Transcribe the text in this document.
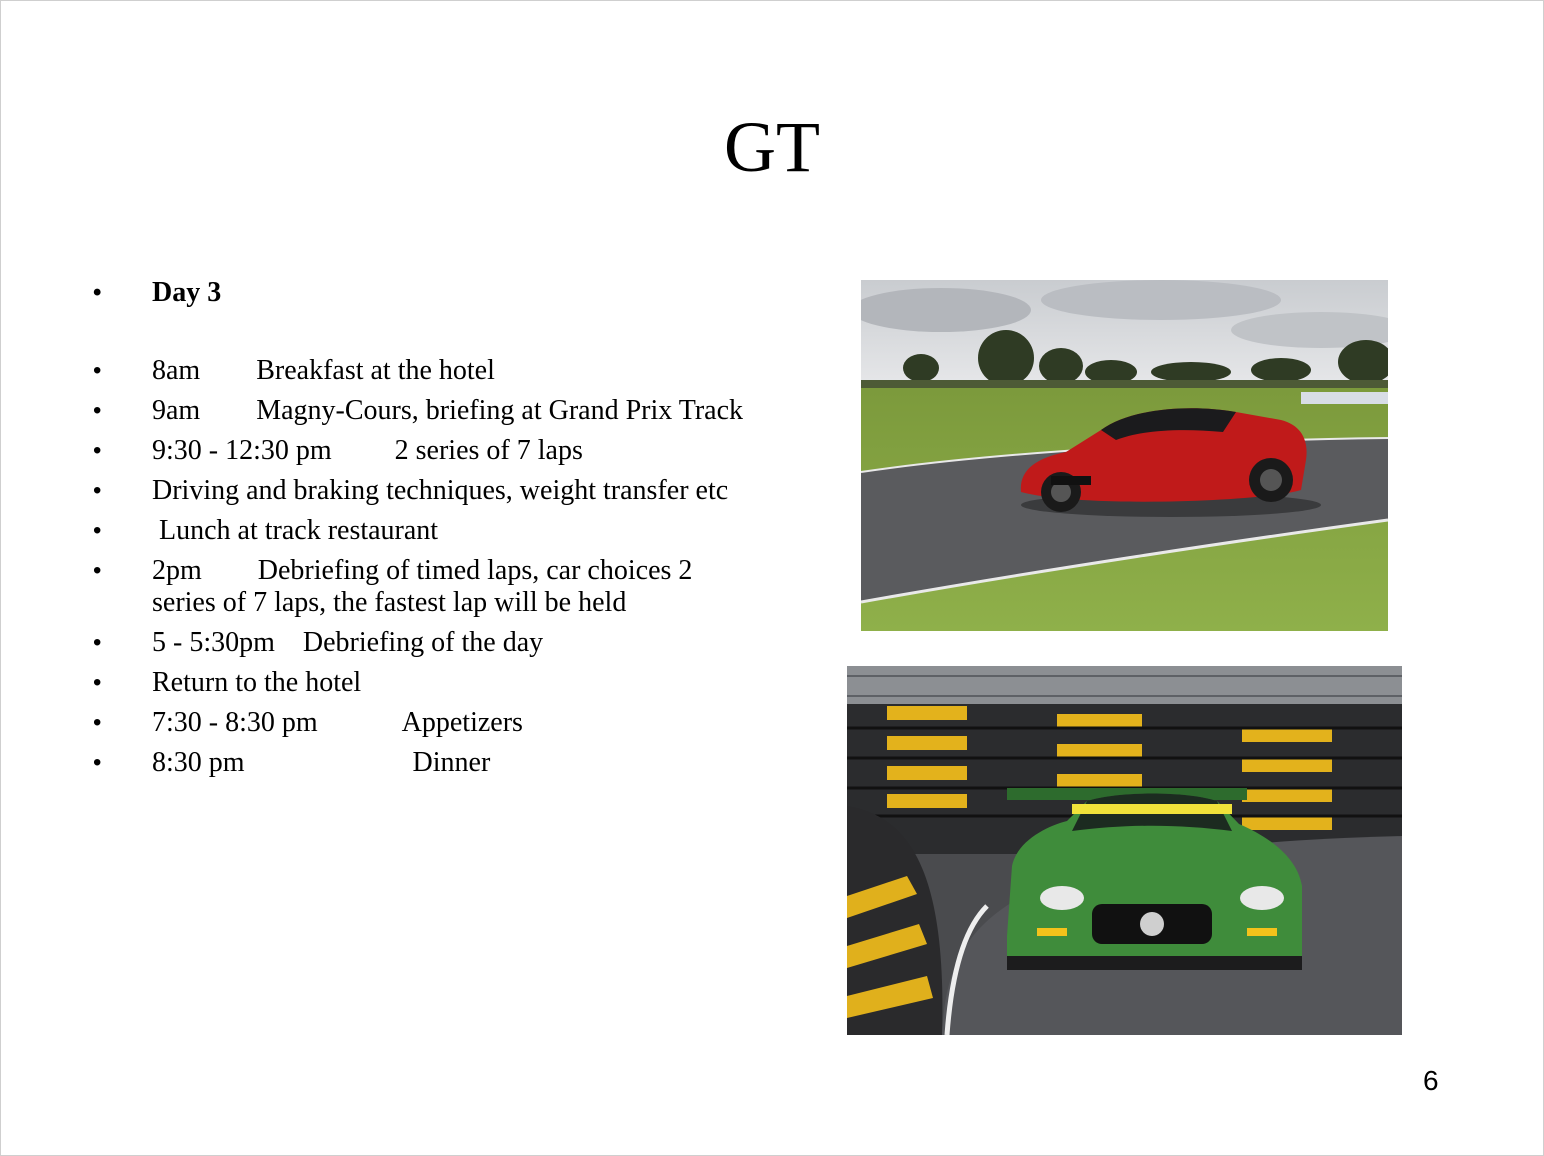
GT
• Day 3
• 8am  Breakfast at the hotel
• 9am  Magny-Cours, briefing at Grand Prix Track
• 9:30 - 12:30 pm   2 series of 7 laps
• Driving and braking techniques, weight transfer etc
• Lunch at track restaurant
• 2pm  Debriefing of timed laps, car choices 2 series of 7 laps, the fastest lap will be held
• 5 - 5:30pm Debriefing of the day
• Return to the hotel
• 7:30 - 8:30 pm   Appetizers
• 8:30 pm      Dinner
6
